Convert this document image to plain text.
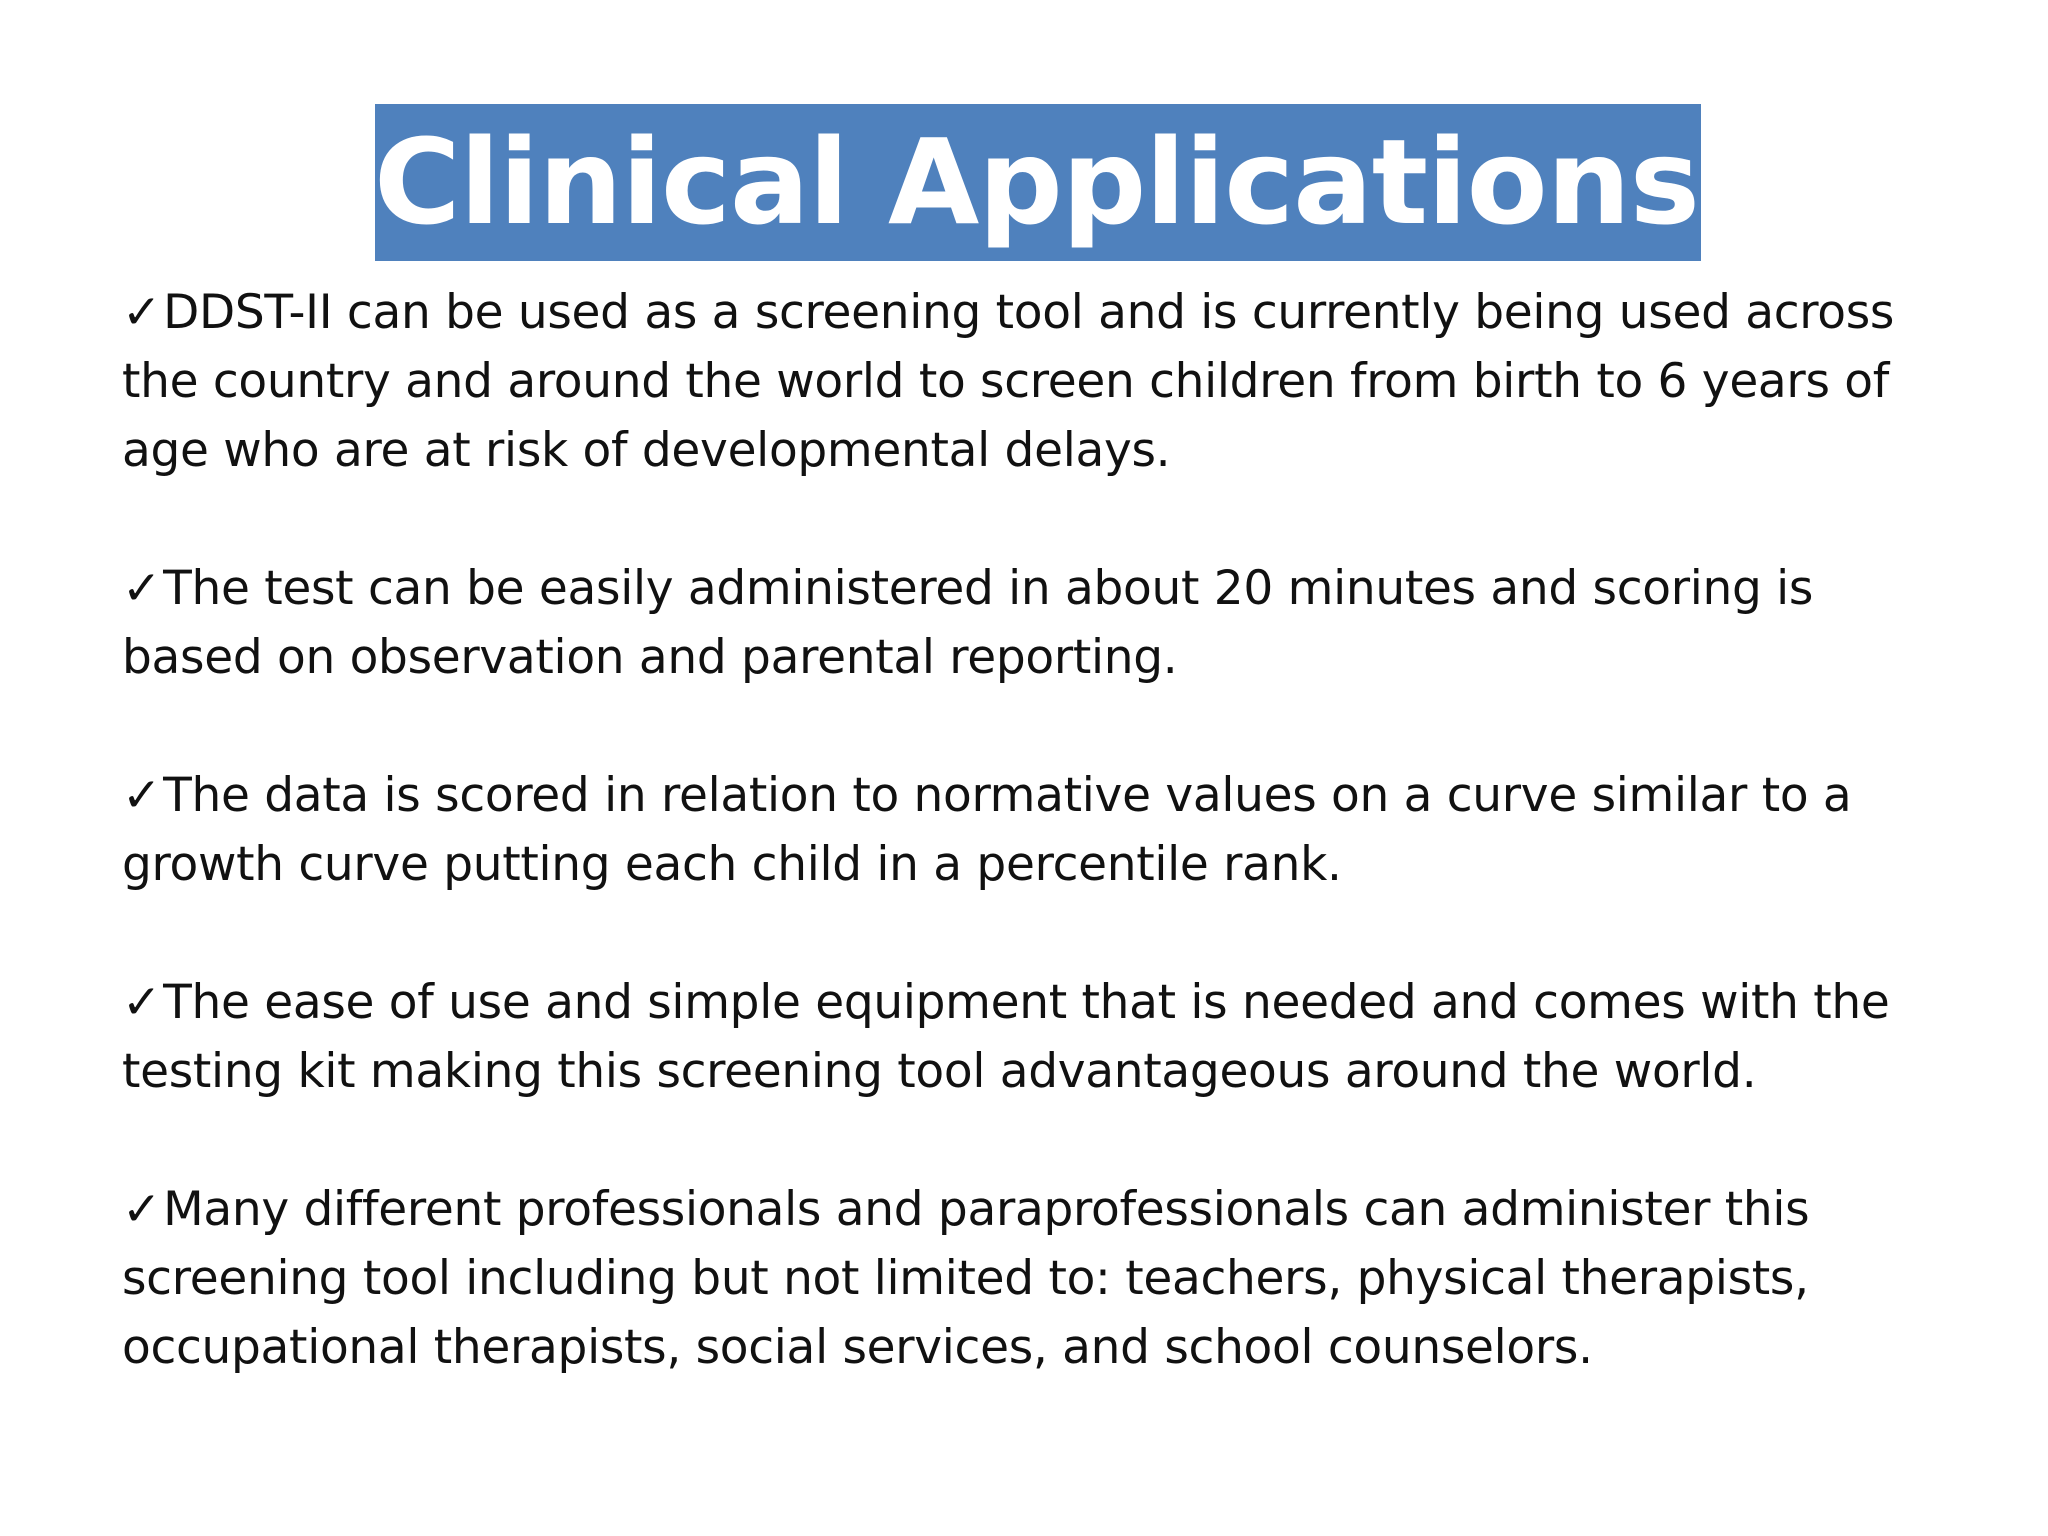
Clinical Applications:
✓DDST-II can be used as a screening tool and is currently being used across the country and around the world to screen children from birth to 6 years of age who are at risk of developmental delays.
✓The test can be easily administered in about 20 minutes and scoring is based on observation and parental reporting.
✓The data is scored in relation to normative values on a curve similar to a growth curve putting each child in a percentile rank.
✓The ease of use and simple equipment that is needed and comes with the testing kit making this screening tool advantageous around the world.
✓Many different professionals and paraprofessionals can administer this screening tool including but not limited to: teachers, physical therapists, occupational therapists, social services, and school counselors.
